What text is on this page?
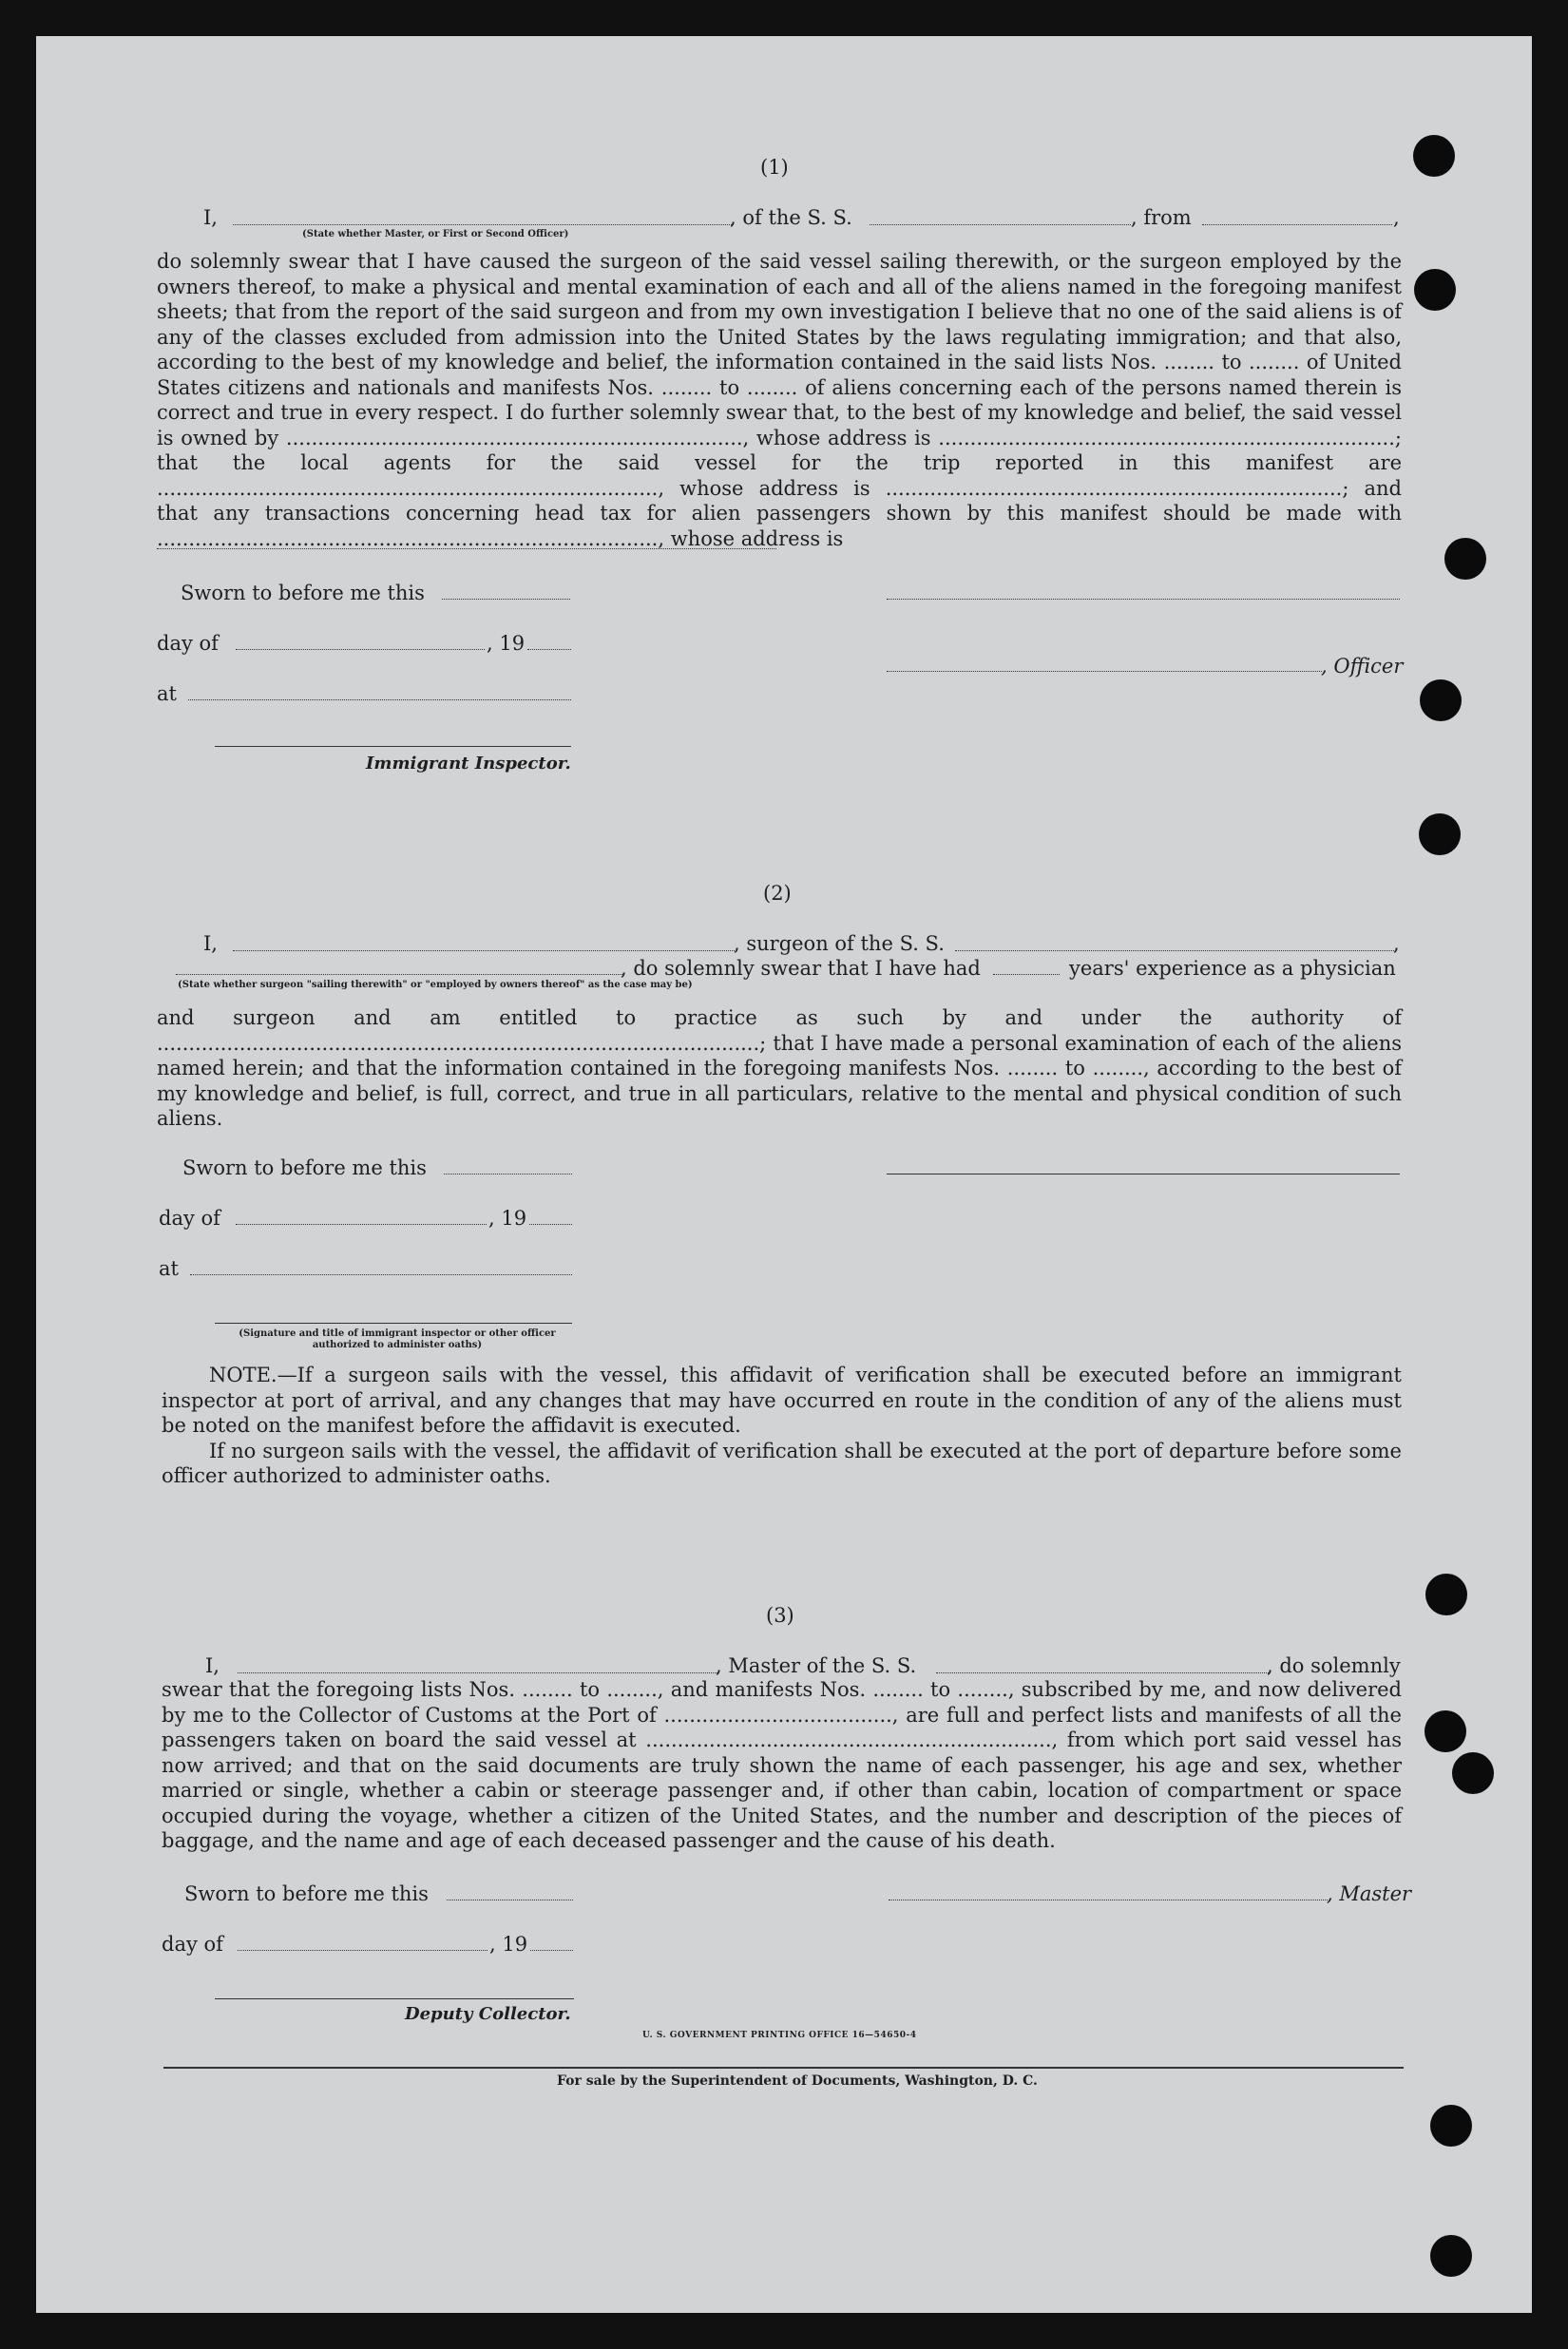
(1)
I,	, of the S. S.	, from	,
(State whether Master, or First or Second Officer)

do solemnly swear that I have caused the surgeon of the said vessel sailing therewith, or the surgeon employed by the owners thereof, to make a physical and mental examination of each and all of the aliens named in the foregoing manifest sheets; that from the report of the said surgeon and from my own investigation I believe that no one of the said aliens is of any of the classes excluded from admission into the United States by the laws regulating immigration; and that also, according to the best of my knowledge and belief, the information contained in the said lists Nos. ........ to ........ of United States citizens and nationals and manifests Nos. ........ to ........ of aliens concerning each of the persons named therein is correct and true in every respect. I do further solemnly swear that, to the best of my knowledge and belief, the said vessel is owned by ........................................................................, whose address is ........................................................................; that the local agents for the said vessel for the trip reported in this manifest are ..............................................................................., whose address is ........................................................................; and that any transactions concerning head tax for alien passengers shown by this manifest should be made with ..............................................................................., whose address is

Sworn to before me this
day of	, 19
, Officer
at
Immigrant Inspector.
(2)
I,	, surgeon of the S. S.	,
, do solemnly swear that I have had	years' experience as a physician
(State whether surgeon "sailing therewith" or "employed by owners thereof" as the case may be)

and surgeon and am entitled to practice as such by and under the authority of ...............................................................................................; that I have made a personal examination of each of the aliens named herein; and that the information contained in the foregoing manifests Nos. ........ to ........, according to the best of my knowledge and belief, is full, correct, and true in all particulars, relative to the mental and physical condition of such aliens.

Sworn to before me this
day of	, 19
at
(Signature and title of immigrant inspector or other officer authorized to administer oaths)

NOTE.—If a surgeon sails with the vessel, this affidavit of verification shall be executed before an immigrant inspector at port of arrival, and any changes that may have occurred en route in the condition of any of the aliens must be noted on the manifest before the affidavit is executed.

If no surgeon sails with the vessel, the affidavit of verification shall be executed at the port of departure before some officer authorized to administer oaths.

(3)
I,	, Master of the S. S.	, do solemnly

swear that the foregoing lists Nos. ........ to ........, and manifests Nos. ........ to ........, subscribed by me, and now delivered by me to the Collector of Customs at the Port of ...................................., are full and perfect lists and manifests of all the passengers taken on board the said vessel at ................................................................, from which port said vessel has now arrived; and that on the said documents are truly shown the name of each passenger, his age and sex, whether married or single, whether a cabin or steerage passenger and, if other than cabin, location of compartment or space occupied during the voyage, whether a citizen of the United States, and the number and description of the pieces of baggage, and the name and age of each deceased passenger and the cause of his death.

Sworn to before me this	, Master
day of	, 19
Deputy Collector.
U. S. GOVERNMENT PRINTING OFFICE 16—54650-4
For sale by the Superintendent of Documents, Washington, D. C.
